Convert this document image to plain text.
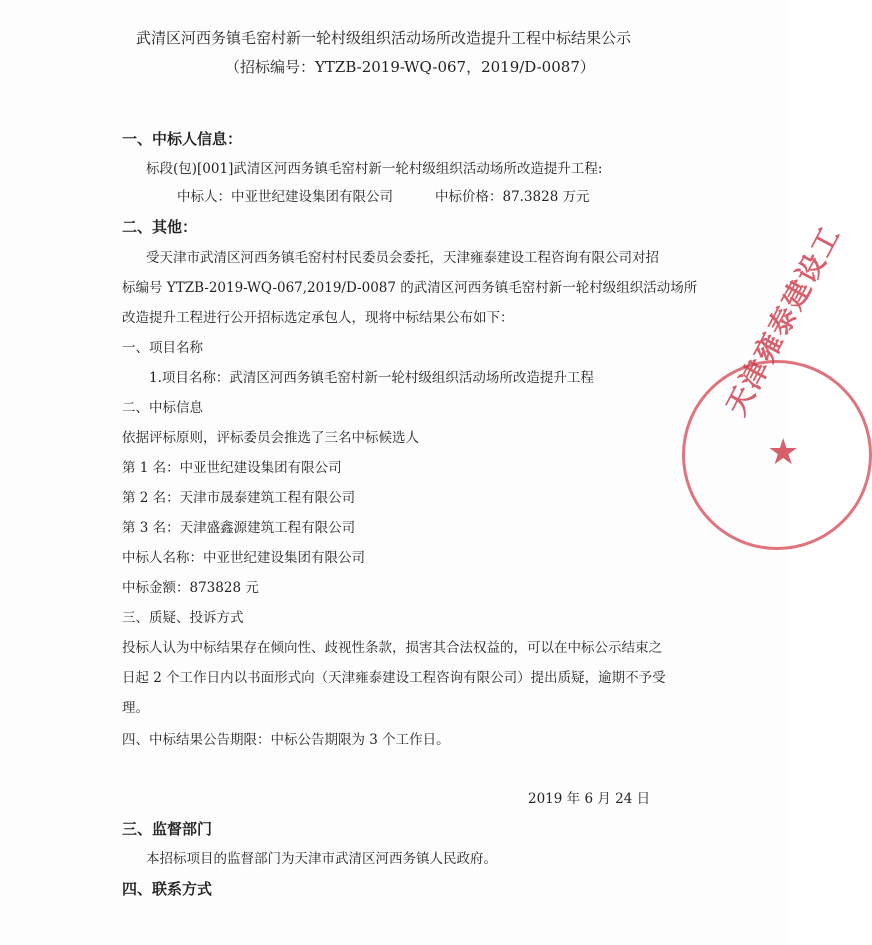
武清区河西务镇毛窑村新一轮村级组织活动场所改造提升工程中标结果公示
（招标编号：YTZB-2019-WQ-067，2019/D-0087）
一、中标人信息：
标段(包)[001]武清区河西务镇毛窑村新一轮村级组织活动场所改造提升工程:
中标人：中亚世纪建设集团有限公司	中标价格：87.3828 万元
二、其他：
受天津市武清区河西务镇毛窑村村民委员会委托，天津雍泰建设工程咨询有限公司对招
标编号 YTZB-2019-WQ-067,2019/D-0087 的武清区河西务镇毛窑村新一轮村级组织活动场所
改造提升工程进行公开招标选定承包人，现将中标结果公布如下：
一、项目名称
1.项目名称：武清区河西务镇毛窑村新一轮村级组织活动场所改造提升工程
二、中标信息
依据评标原则，评标委员会推选了三名中标候选人
第 1 名：中亚世纪建设集团有限公司
第 2 名：天津市晟泰建筑工程有限公司
第 3 名：天津盛鑫源建筑工程有限公司
中标人名称：中亚世纪建设集团有限公司
中标金额：873828 元
三、质疑、投诉方式
投标人认为中标结果存在倾向性、歧视性条款，损害其合法权益的，可以在中标公示结束之
日起 2 个工作日内以书面形式向（天津雍泰建设工程咨询有限公司）提出质疑，逾期不予受
理。
四、中标结果公告期限：中标公告期限为 3 个工作日。
2019 年 6 月 24 日
三、监督部门
本招标项目的监督部门为天津市武清区河西务镇人民政府。
四、联系方式
天津雍泰建设工
★
